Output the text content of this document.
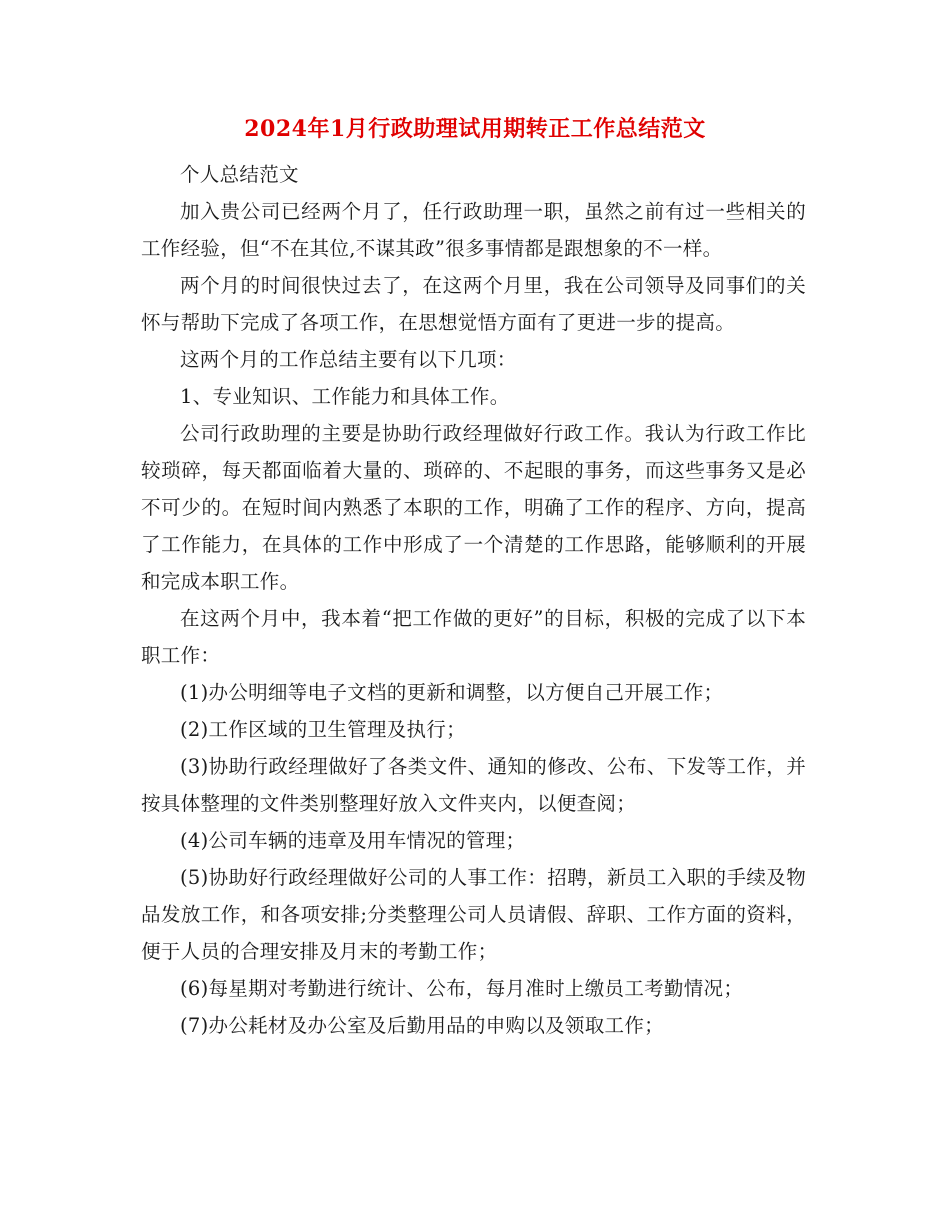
2024年1月行政助理试用期转正工作总结范文

个人总结范文

加入贵公司已经两个月了，任行政助理一职，虽然之前有过一些相关的工作经验，但“不在其位,不谋其政”很多事情都是跟想象的不一样。

两个月的时间很快过去了，在这两个月里，我在公司领导及同事们的关怀与帮助下完成了各项工作，在思想觉悟方面有了更进一步的提高。

这两个月的工作总结主要有以下几项：

1、专业知识、工作能力和具体工作。

公司行政助理的主要是协助行政经理做好行政工作。我认为行政工作比较琐碎，每天都面临着大量的、琐碎的、不起眼的事务，而这些事务又是必不可少的。在短时间内熟悉了本职的工作，明确了工作的程序、方向，提高了工作能力，在具体的工作中形成了一个清楚的工作思路，能够顺利的开展和完成本职工作。

在这两个月中，我本着“把工作做的更好”的目标，积极的完成了以下本职工作：

(1)办公明细等电子文档的更新和调整，以方便自己开展工作；

(2)工作区域的卫生管理及执行；

(3)协助行政经理做好了各类文件、通知的修改、公布、下发等工作，并按具体整理的文件类别整理好放入文件夹内，以便查阅；

(4)公司车辆的违章及用车情况的管理；

(5)协助好行政经理做好公司的人事工作：招聘，新员工入职的手续及物品发放工作，和各项安排;分类整理公司人员请假、辞职、工作方面的资料，便于人员的合理安排及月末的考勤工作；

(6)每星期对考勤进行统计、公布，每月准时上缴员工考勤情况；

(7)办公耗材及办公室及后勤用品的申购以及领取工作；
